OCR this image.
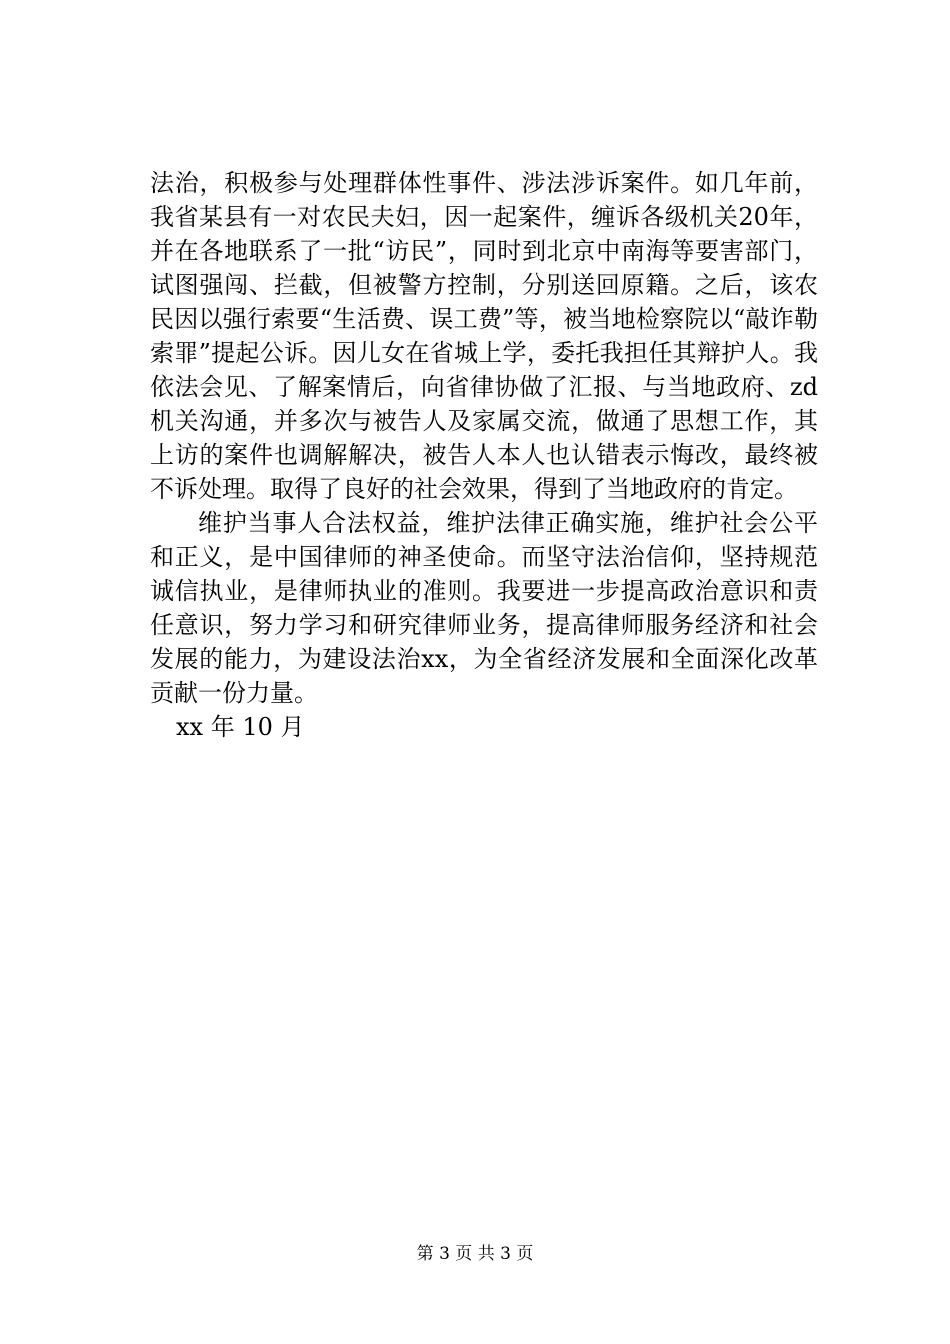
法治，积极参与处理群体性事件、涉法涉诉案件。如几年前，我省某县有一对农民夫妇，因一起案件，缠诉各级机关20年，并在各地联系了一批“访民”，同时到北京中南海等要害部门，试图强闯、拦截，但被警方控制，分别送回原籍。之后，该农民因以强行索要“生活费、误工费”等，被当地检察院以“敲诈勒索罪”提起公诉。因儿女在省城上学，委托我担任其辩护人。我依法会见、了解案情后，向省律协做了汇报、与当地政府、zd机关沟通，并多次与被告人及家属交流，做通了思想工作，其上访的案件也调解解决，被告人本人也认错表示悔改，最终被不诉处理。取得了良好的社会效果，得到了当地政府的肯定。

维护当事人合法权益，维护法律正确实施，维护社会公平和正义，是中国律师的神圣使命。而坚守法治信仰，坚持规范诚信执业，是律师执业的准则。我要进一步提高政治意识和责任意识，努力学习和研究律师业务，提高律师服务经济和社会发展的能力，为建设法治xx，为全省经济发展和全面深化改革贡献一份力量。

xx 年 10 月

第 3 页 共 3 页
